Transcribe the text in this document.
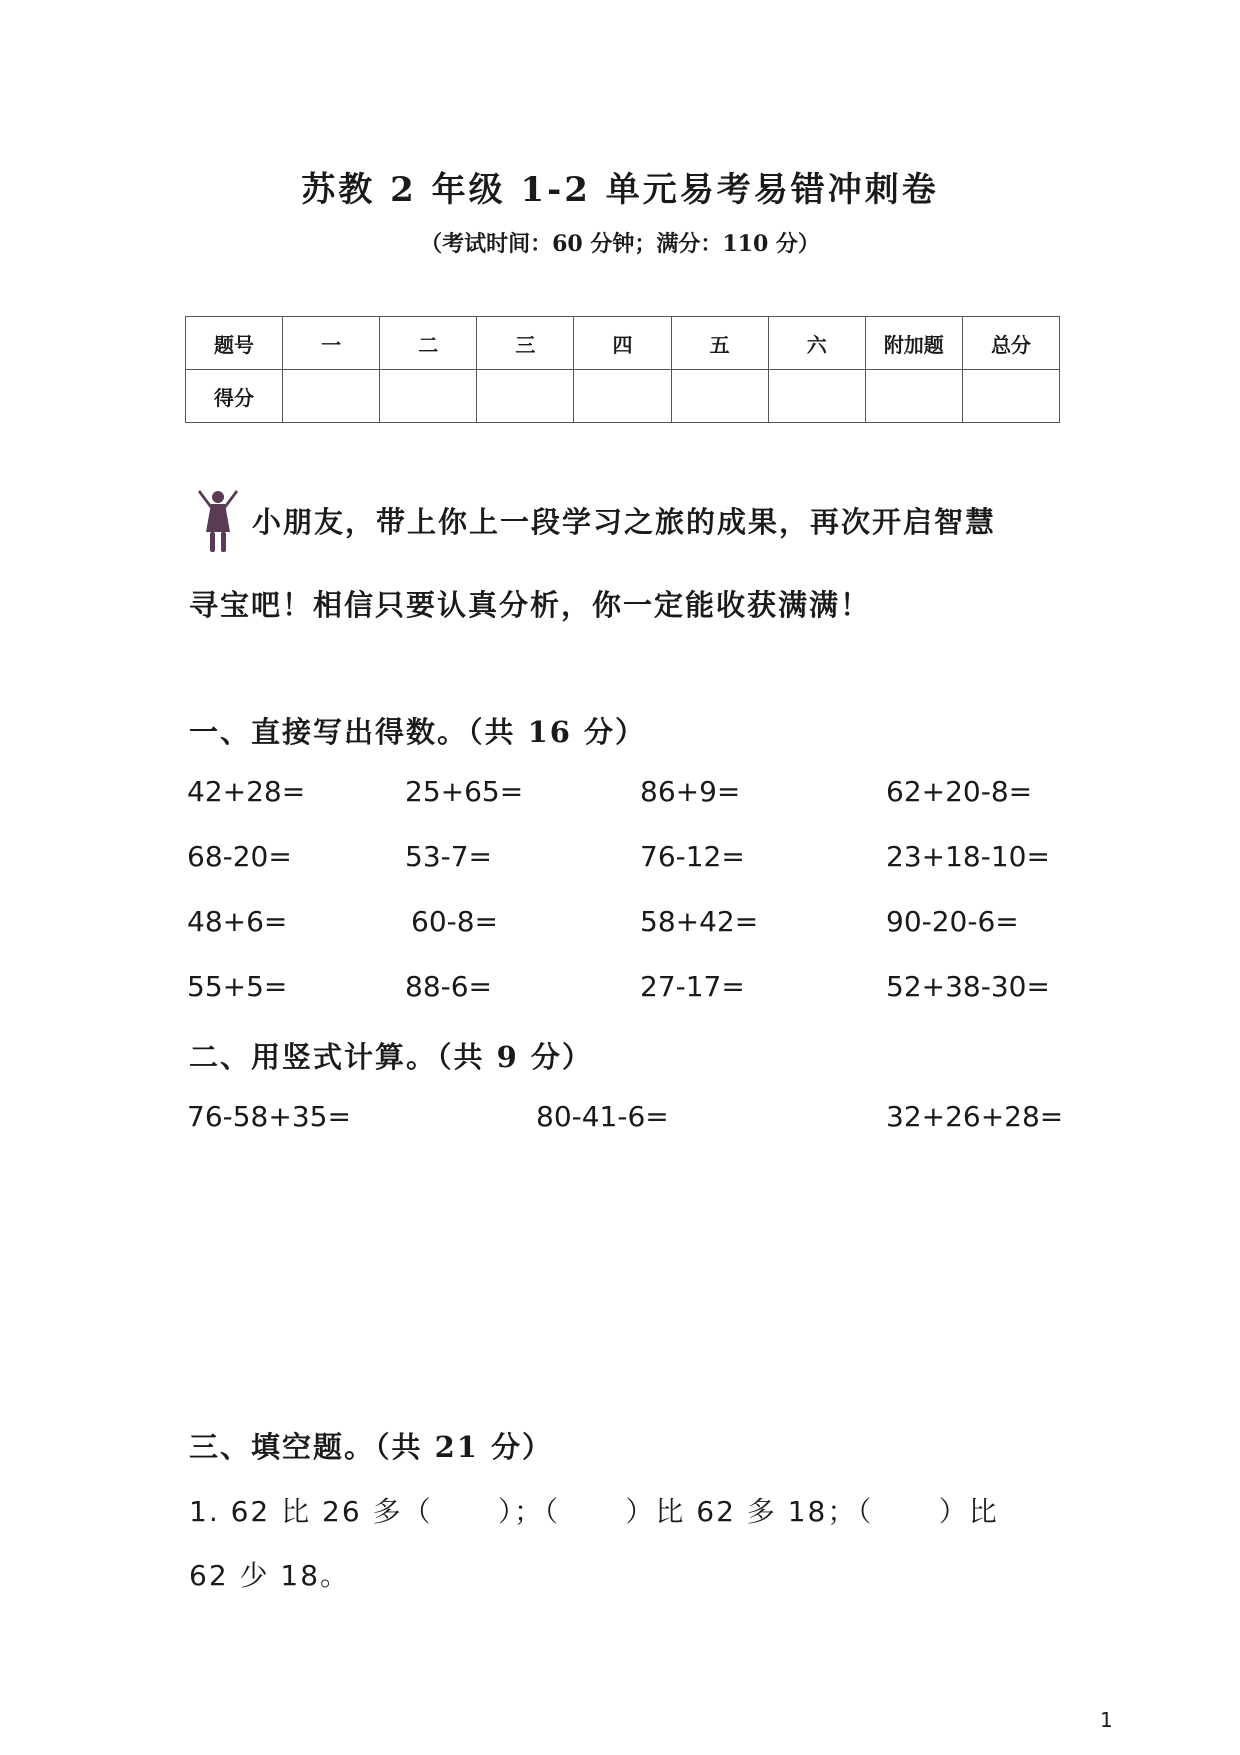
苏教 2 年级 1-2 单元易考易错冲刺卷
（考试时间：60 分钟；满分：110 分）
题号	一	二	三	四	五	六	附加题	总分
得分								
小朋友，带上你上一段学习之旅的成果，再次开启智慧
寻宝吧！相信只要认真分析，你一定能收获满满！
一、直接写出得数。（共 16 分）
42+28=	25+65=	86+9=	62+20-8=
68-20=	53-7=	76-12=	23+18-10=
48+6=	60-8=	58+42=	90-20-6=
55+5=	88-6=	27-17=	52+38-30=
二、用竖式计算。（共 9 分）
76-58+35=	80-41-6=	32+26+28=
三、填空题。（共 21 分）
1. 62 比 26 多（      ）；（      ）比 62 多 18；（      ）比
62 少 18。
1
